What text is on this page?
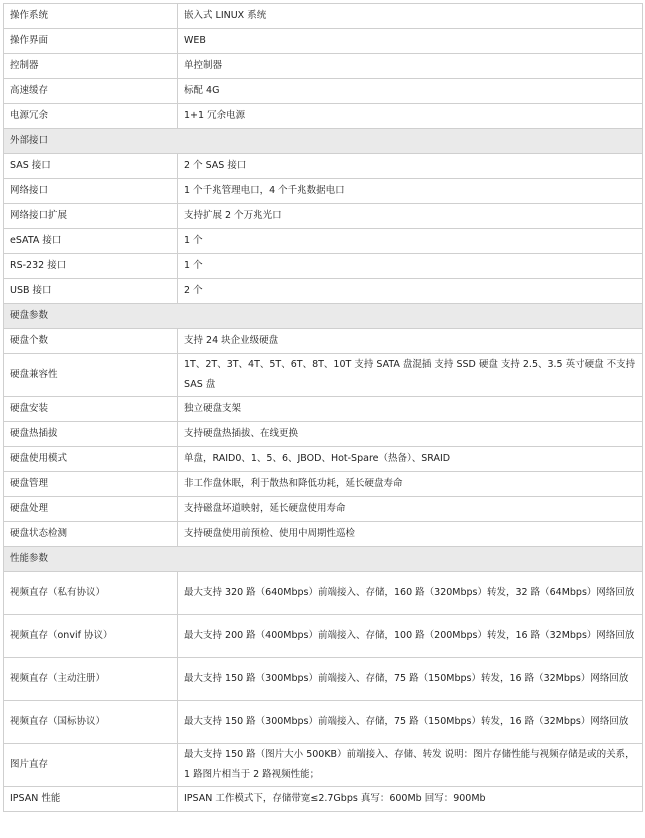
操作系统	嵌入式 LINUX 系统
操作界面	WEB
控制器	单控制器
高速缓存	标配 4G
电源冗余	1+1 冗余电源
外部接口	
SAS 接口	2 个 SAS 接口
网络接口	1 个千兆管理电口，4 个千兆数据电口
网络接口扩展	支持扩展 2 个万兆光口
eSATA 接口	1 个
RS-232 接口	1 个
USB 接口	2 个
硬盘参数	
硬盘个数	支持 24 块企业级硬盘
硬盘兼容性	1T、2T、3T、4T、5T、6T、8T、10T 支持 SATA 盘混插 支持 SSD 硬盘 支持 2.5、3.5 英寸硬盘 不支持 SAS 盘
硬盘安装	独立硬盘支架
硬盘热插拔	支持硬盘热插拔、在线更换
硬盘使用模式	单盘，RAID0、1、5、6、JBOD、Hot-Spare（热备）、SRAID
硬盘管理	非工作盘休眠，利于散热和降低功耗，延长硬盘寿命
硬盘处理	支持磁盘坏道映射，延长硬盘使用寿命
硬盘状态检测	支持硬盘使用前预检、使用中周期性巡检
性能参数	
视频直存（私有协议）	最大支持 320 路（640Mbps）前端接入、存储，160 路（320Mbps）转发，32 路（64Mbps）网络回放
视频直存（onvif 协议）	最大支持 200 路（400Mbps）前端接入、存储，100 路（200Mbps）转发，16 路（32Mbps）网络回放
视频直存（主动注册）	最大支持 150 路（300Mbps）前端接入、存储，75 路（150Mbps）转发，16 路（32Mbps）网络回放
视频直存（国标协议）	最大支持 150 路（300Mbps）前端接入、存储，75 路（150Mbps）转发，16 路（32Mbps）网络回放
图片直存	最大支持 150 路（图片大小 500KB）前端接入、存储、转发 说明：图片存储性能与视频存储是或的关系，1 路图片相当于 2 路视频性能；
IPSAN 性能	IPSAN 工作模式下，存储带宽≤2.7Gbps 真写：600Mb 回写：900Mb
